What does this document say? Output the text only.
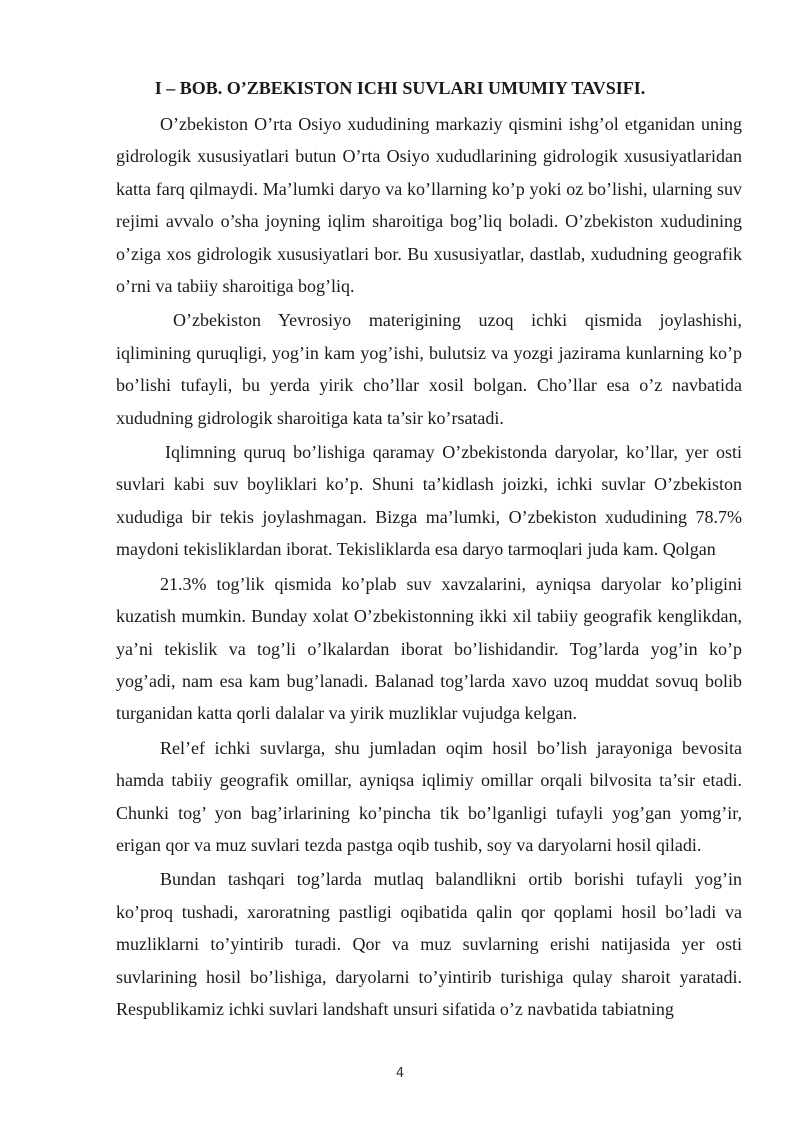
I – BOB. O’ZBEKISTON ICHI SUVLARI UMUMIY TAVSIFI.

O’zbekiston O’rta Osiyo xududining markaziy qismini ishg’ol etganidan uning gidrologik xususiyatlari butun O’rta Osiyo xududlarining gidrologik xususiyatlaridan katta farq qilmaydi. Ma’lumki daryo va ko’llarning ko’p yoki oz bo’lishi, ularning suv rejimi avvalo o’sha joyning iqlim sharoitiga bog’liq boladi. O’zbekiston xududining o’ziga xos gidrologik xususiyatlari bor. Bu xususiyatlar, dastlab, xududning geografik o’rni va tabiiy sharoitiga bog’liq.

O’zbekiston Yevrosiyo materigining uzoq ichki qismida joylashishi, iqlimining quruqligi, yog’in kam yog’ishi, bulutsiz va yozgi jazirama kunlarning ko’p bo’lishi tufayli, bu yerda yirik cho’llar xosil bolgan. Cho’llar esa o’z navbatida xududning gidrologik sharoitiga kata ta’sir ko’rsatadi.

Iqlimning quruq bo’lishiga qaramay O’zbekistonda daryolar, ko’llar, yer osti suvlari kabi suv boyliklari ko’p. Shuni ta’kidlash joizki, ichki suvlar O’zbekiston xududiga bir tekis joylashmagan. Bizga ma’lumki, O’zbekiston xududining 78.7% maydoni tekisliklardan iborat. Tekisliklarda esa daryo tarmoqlari juda kam. Qolgan

21.3% tog’lik qismida ko’plab suv xavzalarini, ayniqsa daryolar ko’pligini kuzatish mumkin. Bunday xolat O’zbekistonning ikki xil tabiiy geografik kenglikdan, ya’ni tekislik va tog’li o’lkalardan iborat bo’lishidandir. Tog’larda yog’in ko’p yog’adi, nam esa kam bug’lanadi. Balanad tog’larda xavo uzoq muddat sovuq bolib turganidan katta qorli dalalar va yirik muzliklar vujudga kelgan.

Rel’ef ichki suvlarga, shu jumladan oqim hosil bo’lish jarayoniga bevosita hamda tabiiy geografik omillar, ayniqsa iqlimiy omillar orqali bilvosita ta’sir etadi. Chunki tog’ yon bag’irlarining ko’pincha tik bo’lganligi tufayli yog’gan yomg’ir, erigan qor va muz suvlari tezda pastga oqib tushib, soy va daryolarni hosil qiladi.

Bundan tashqari tog’larda mutlaq balandlikni ortib borishi tufayli yog’in ko’proq tushadi, xaroratning pastligi oqibatida qalin qor qoplami hosil bo’ladi va muzliklarni to’yintirib turadi. Qor va muz suvlarning erishi natijasida yer osti suvlarining hosil bo’lishiga, daryolarni to’yintirib turishiga qulay sharoit yaratadi. Respublikamiz ichki suvlari landshaft unsuri sifatida o’z navbatida tabiatning

4
